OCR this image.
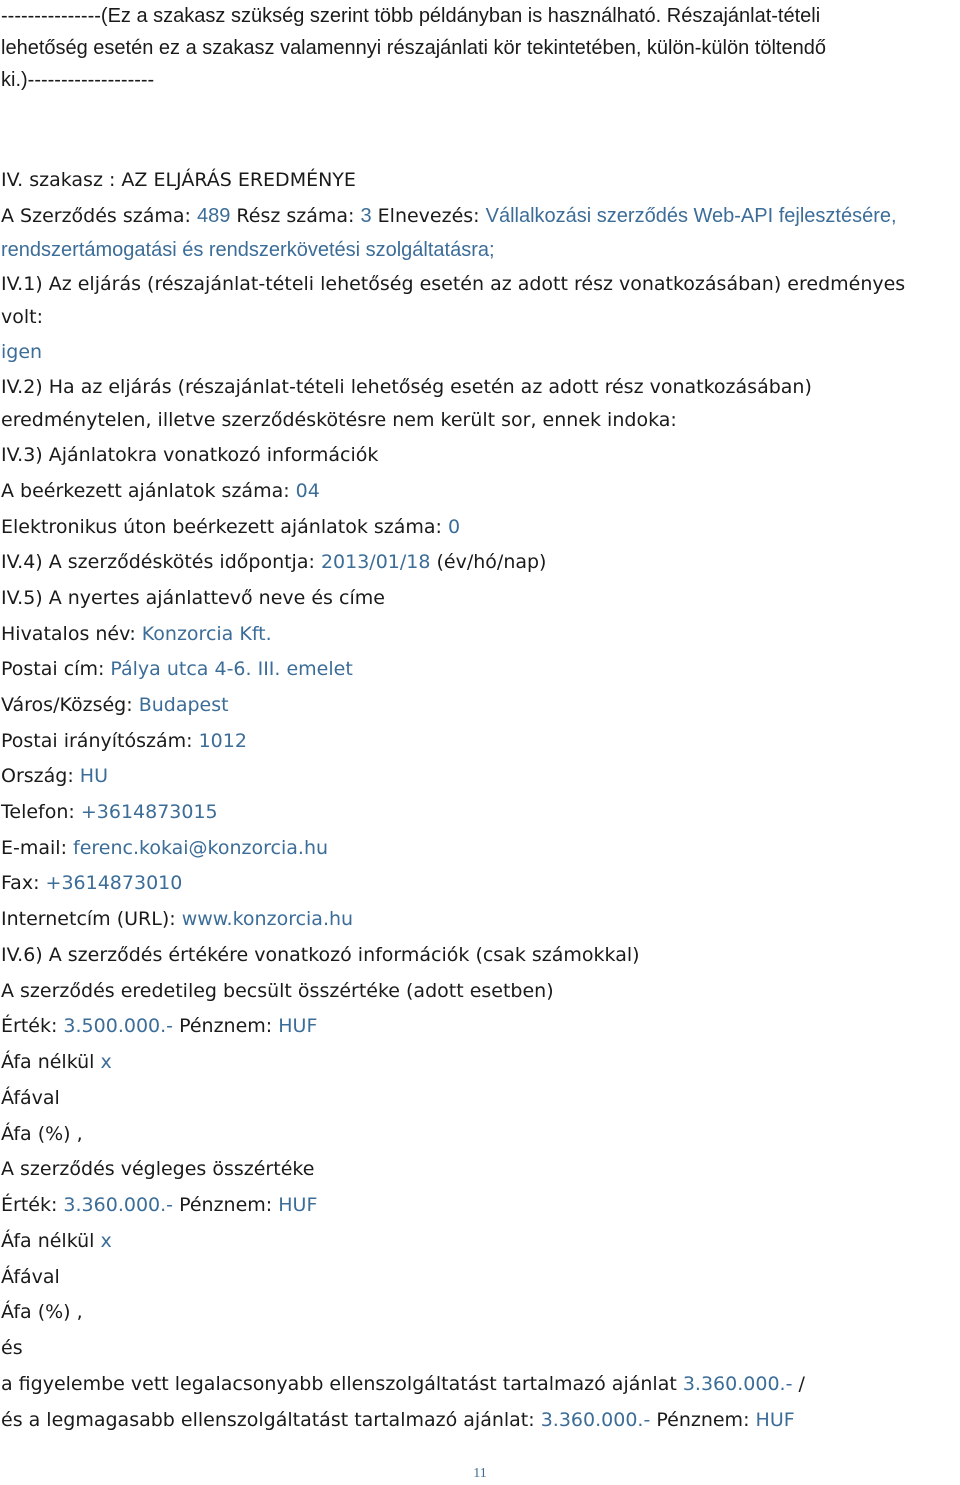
---------------(Ez a szakasz szükség szerint több példányban is használható. Részajánlat-tételi
lehetőség esetén ez a szakasz valamennyi részajánlati kör tekintetében, külön-külön töltendő
ki.)-------------------
IV. szakasz : AZ ELJÁRÁS EREDMÉNYE
A Szerződés száma: 489 Rész száma: 3 Elnevezés: Vállalkozási szerződés Web-API fejlesztésére,
rendszertámogatási és rendszerkövetési szolgáltatásra;
IV.1) Az eljárás (részajánlat-tételi lehetőség esetén az adott rész vonatkozásában) eredményes
volt:
igen
IV.2) Ha az eljárás (részajánlat-tételi lehetőség esetén az adott rész vonatkozásában)
eredménytelen, illetve szerződéskötésre nem került sor, ennek indoka:
IV.3) Ajánlatokra vonatkozó információk
A beérkezett ajánlatok száma: 04
Elektronikus úton beérkezett ajánlatok száma: 0
IV.4) A szerződéskötés időpontja: 2013/01/18 (év/hó/nap)
IV.5) A nyertes ajánlattevő neve és címe
Hivatalos név: Konzorcia Kft.
Postai cím: Pálya utca 4-6. III. emelet
Város/Község: Budapest
Postai irányítószám: 1012
Ország: HU
Telefon: +3614873015
E-mail: ferenc.kokai@konzorcia.hu
Fax: +3614873010
Internetcím (URL): www.konzorcia.hu
IV.6) A szerződés értékére vonatkozó információk (csak számokkal)
A szerződés eredetileg becsült összértéke (adott esetben)
Érték: 3.500.000.- Pénznem: HUF
Áfa nélkül x
Áfával
Áfa (%) ,
A szerződés végleges összértéke
Érték: 3.360.000.- Pénznem: HUF
Áfa nélkül x
Áfával
Áfa (%) ,
és
a figyelembe vett legalacsonyabb ellenszolgáltatást tartalmazó ajánlat 3.360.000.- /
és a legmagasabb ellenszolgáltatást tartalmazó ajánlat: 3.360.000.- Pénznem: HUF
11
